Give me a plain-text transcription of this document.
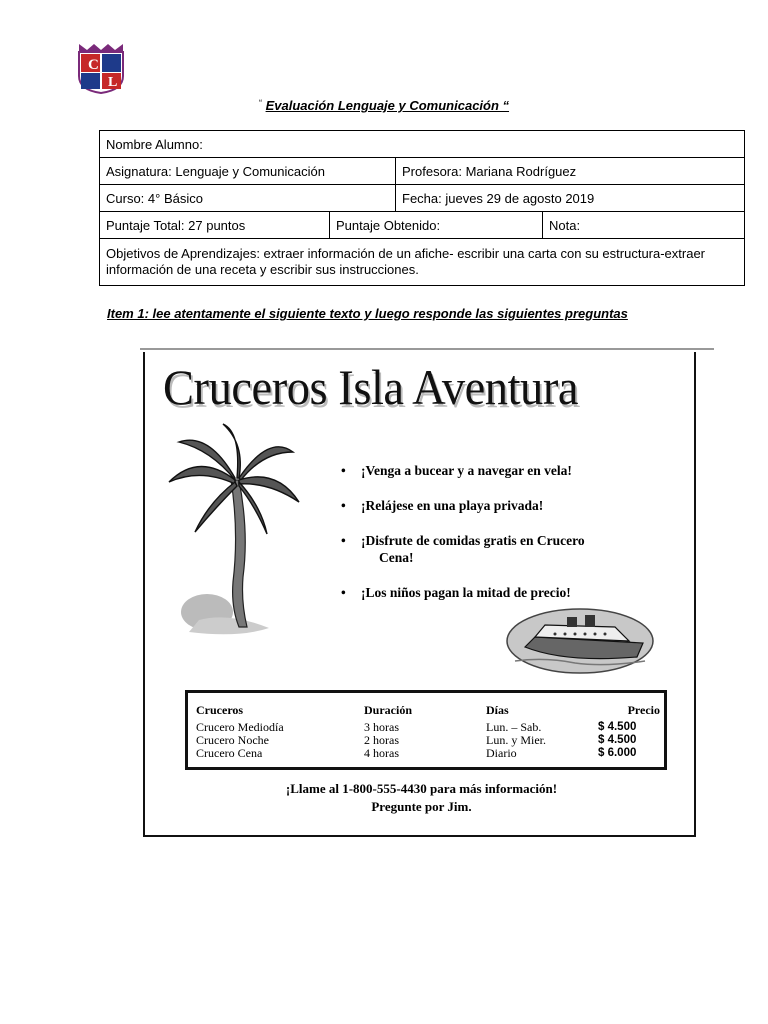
C
L
“ Evaluación Lenguaje y Comunicación “
Nombre Alumno:			
Asignatura: Lenguaje y Comunicación		Profesora: Mariana Rodríguez	
Curso: 4° Básico		Fecha: jueves 29 de agosto 2019	
Puntaje Total: 27 puntos	Puntaje Obtenido:		Nota:
Objetivos de Aprendizajes: extraer información de un afiche- escribir una carta con su estructura-extraer información de una receta y escribir sus instrucciones.			
Item 1: lee atentamente el siguiente texto y luego responde las siguientes preguntas
Cruceros Isla Aventura
• ¡Venga a bucear y a navegar en vela!
• ¡Relájese en una playa privada!
• ¡Disfrute de comidas gratis en Crucero
Cena!
• ¡Los niños pagan la mitad de precio!
Cruceros	Duración	Días	Precio
Crucero Mediodía	3 horas	Lun. – Sab.	$ 4.500
Crucero Noche	2 horas	Lun. y Mier.	$ 4.500
Crucero Cena	4 horas	Diario	$ 6.000
¡Llame al 1-800-555-4430 para más información!
Pregunte por Jim.
